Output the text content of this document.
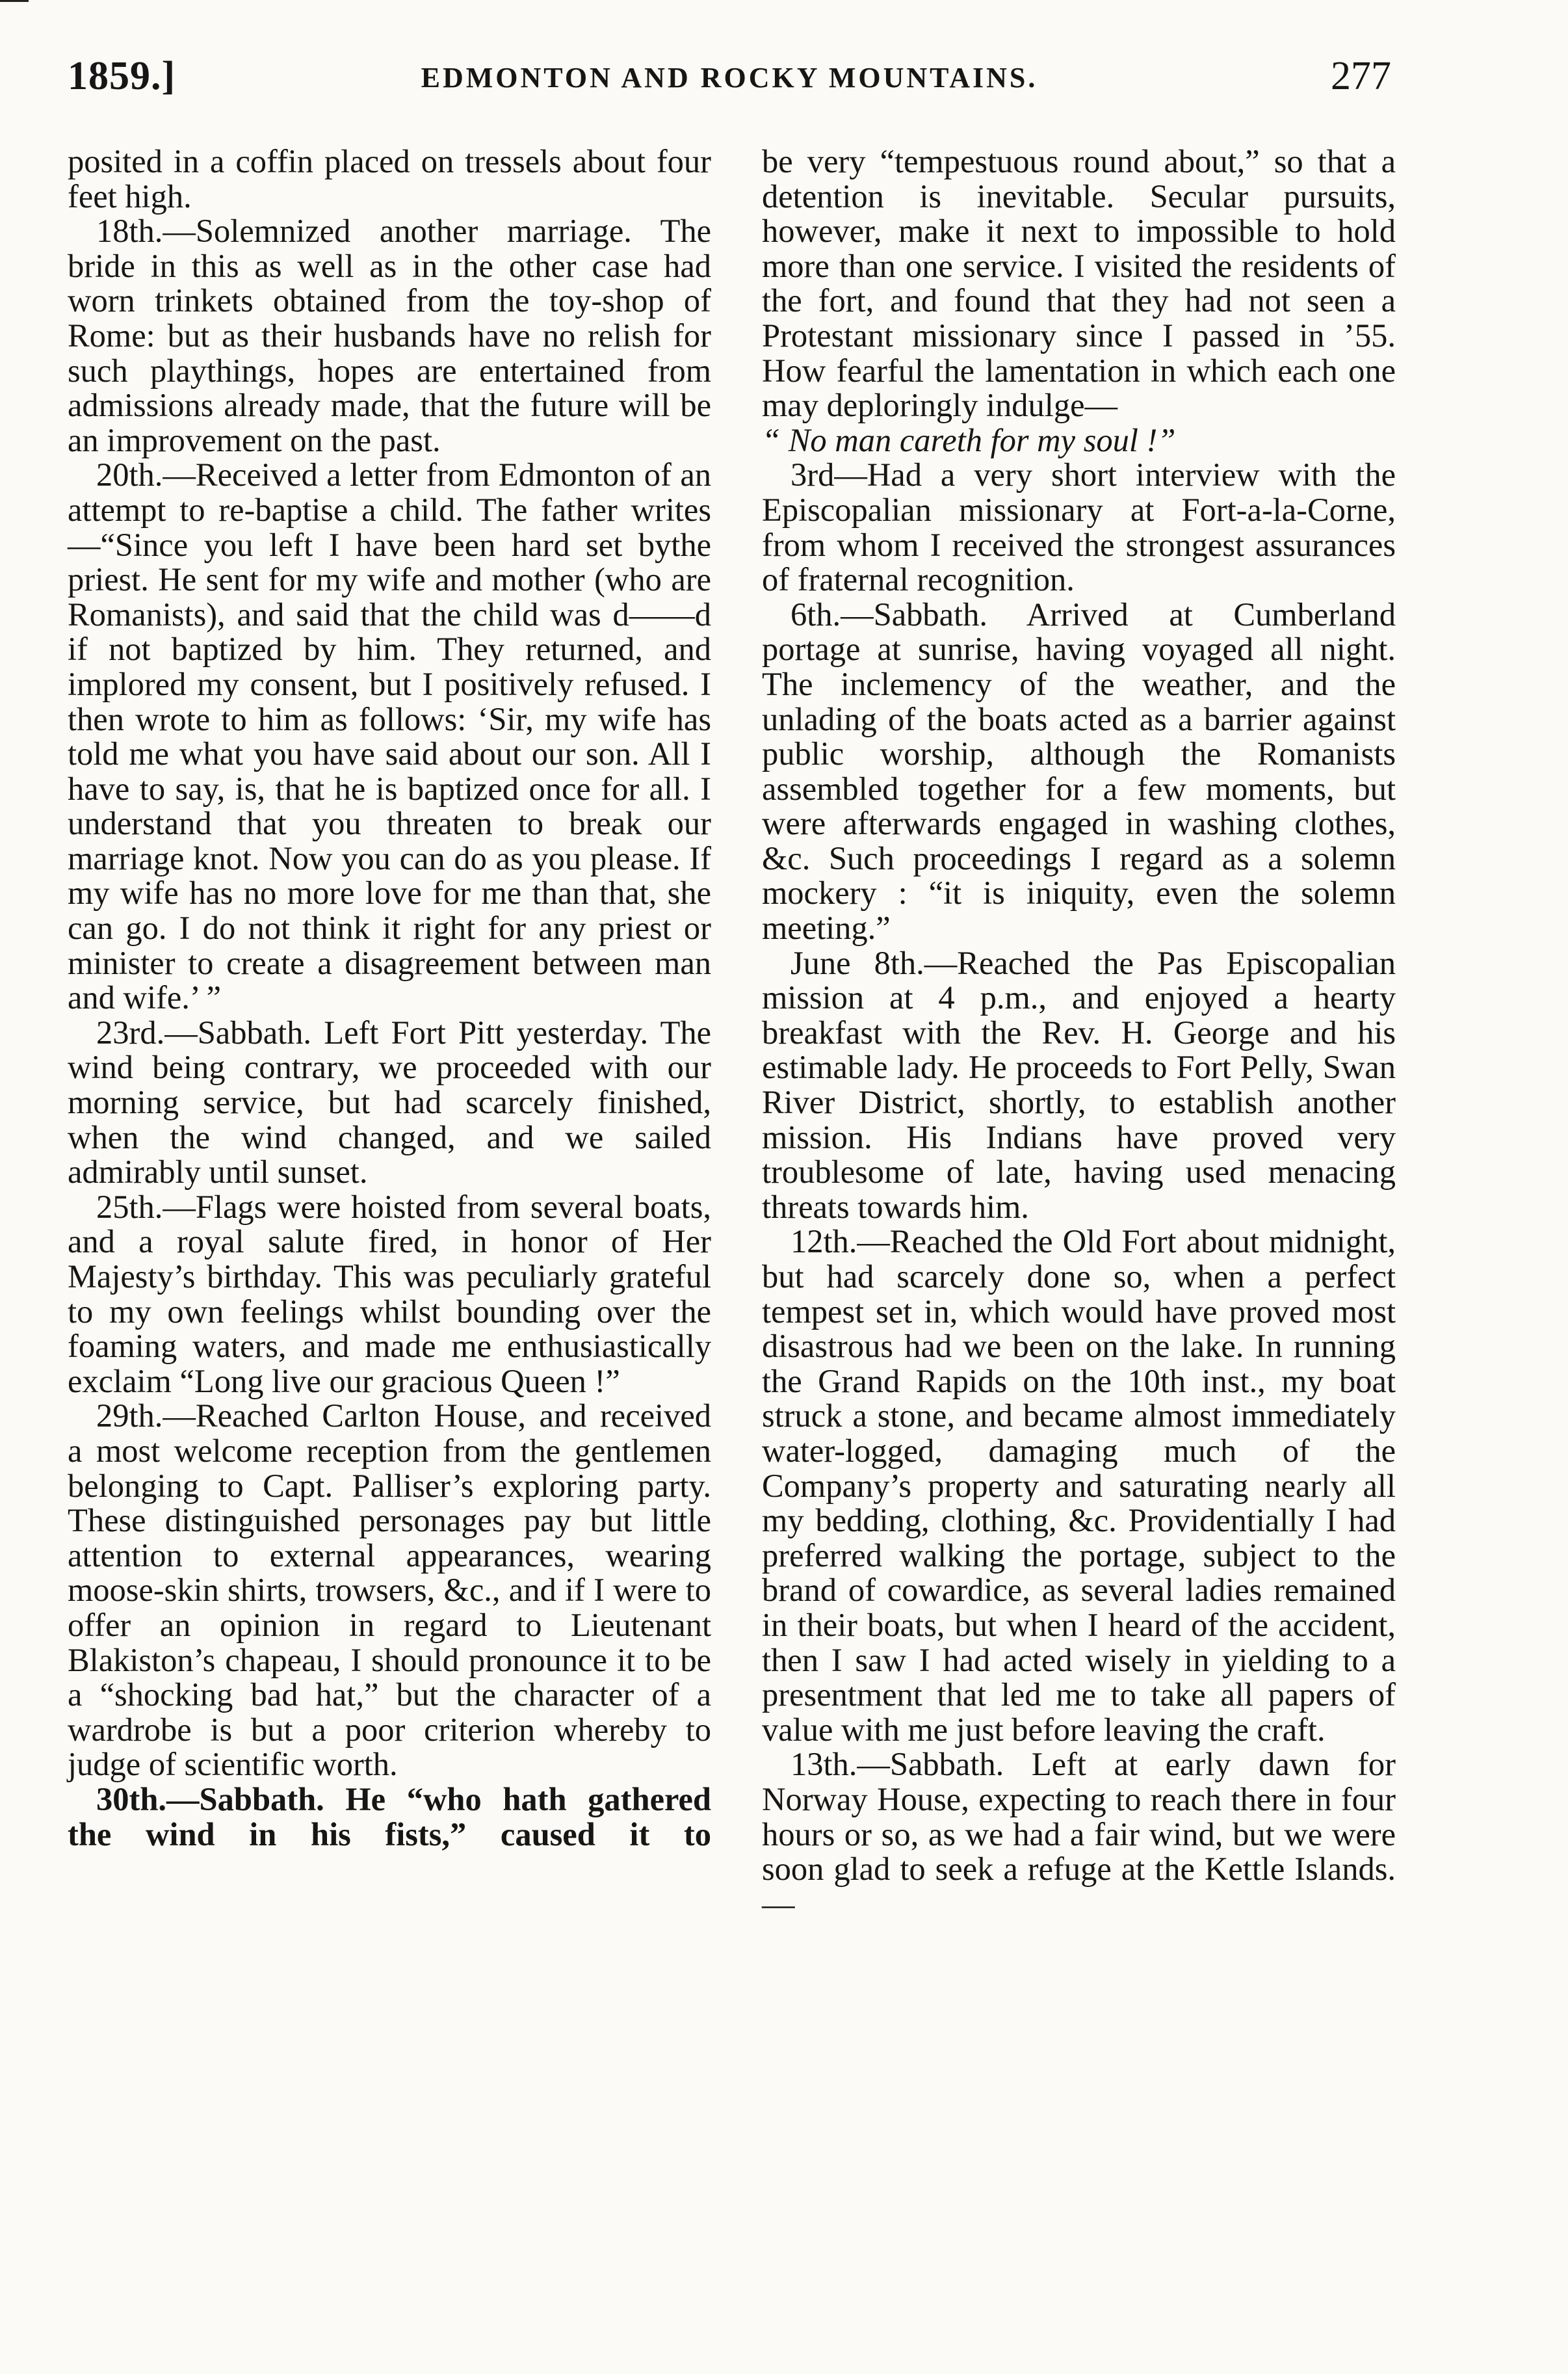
1859.]	EDMONTON AND ROCKY MOUNTAINS.	277

posited in a coffin placed on tressels about four feet high.

18th.—Solemnized another marriage. The bride in this as well as in the other case had worn trinkets obtained from the toy-shop of Rome: but as their husbands have no relish for such playthings, hopes are entertained from admissions already made, that the future will be an improvement on the past.

20th.—Received a letter from Edmonton of an attempt to re-baptise a child. The father writes—“Since you left I have been hard set bythe priest. He sent for my wife and mother (who are Romanists), and said that the child was d——d if not baptized by him. They returned, and implored my consent, but I positively refused. I then wrote to him as follows: ‘Sir, my wife has told me what you have said about our son. All I have to say, is, that he is baptized once for all. I understand that you threaten to break our marriage knot. Now you can do as you please. If my wife has no more love for me than that, she can go. I do not think it right for any priest or minister to create a disagreement between man and wife.’ ”

23rd.—Sabbath. Left Fort Pitt yesterday. The wind being contrary, we proceeded with our morning service, but had scarcely finished, when the wind changed, and we sailed admirably until sunset.

25th.—Flags were hoisted from several boats, and a royal salute fired, in honor of Her Majesty’s birthday. This was peculiarly grateful to my own feelings whilst bounding over the foaming waters, and made me enthusiastically exclaim “Long live our gracious Queen !”

29th.—Reached Carlton House, and received a most welcome reception from the gentlemen belonging to Capt. Palliser’s exploring party. These distinguished personages pay but little attention to external appearances, wearing moose-skin shirts, trowsers, &c., and if I were to offer an opinion in regard to Lieutenant Blakiston’s chapeau, I should pronounce it to be a “shocking bad hat,” but the character of a wardrobe is but a poor criterion whereby to judge of scientific worth.

30th.—Sabbath. He “who hath gathered the wind in his fists,” caused it to

be very “tempestuous round about,” so that a detention is inevitable. Secular pursuits, however, make it next to impossible to hold more than one service. I visited the residents of the fort, and found that they had not seen a Protestant missionary since I passed in ’55. How fearful the lamentation in which each one may deploringly indulge—

“ No man careth for my soul !”

3rd—Had a very short interview with the Episcopalian missionary at Fort-a-la-Corne, from whom I received the strongest assurances of fraternal recognition.

6th.—Sabbath. Arrived at Cumberland portage at sunrise, having voyaged all night. The inclemency of the weather, and the unlading of the boats acted as a barrier against public worship, although the Romanists assembled together for a few moments, but were afterwards engaged in washing clothes, &c. Such proceedings I regard as a solemn mockery : “it is iniquity, even the solemn meeting.”

June 8th.—Reached the Pas Episcopalian mission at 4 p.m., and enjoyed a hearty breakfast with the Rev. H. George and his estimable lady. He proceeds to Fort Pelly, Swan River District, shortly, to establish another mission. His Indians have proved very troublesome of late, having used menacing threats towards him.

12th.—Reached the Old Fort about midnight, but had scarcely done so, when a perfect tempest set in, which would have proved most disastrous had we been on the lake. In running the Grand Rapids on the 10th inst., my boat struck a stone, and became almost immediately water-logged, damaging much of the Company’s property and saturating nearly all my bedding, clothing, &c. Providentially I had preferred walking the portage, subject to the brand of cowardice, as several ladies remained in their boats, but when I heard of the accident, then I saw I had acted wisely in yielding to a presentment that led me to take all papers of value with me just before leaving the craft.

13th.—Sabbath. Left at early dawn for Norway House, expecting to reach there in four hours or so, as we had a fair wind, but we were soon glad to seek a refuge at the Kettle Islands.—
